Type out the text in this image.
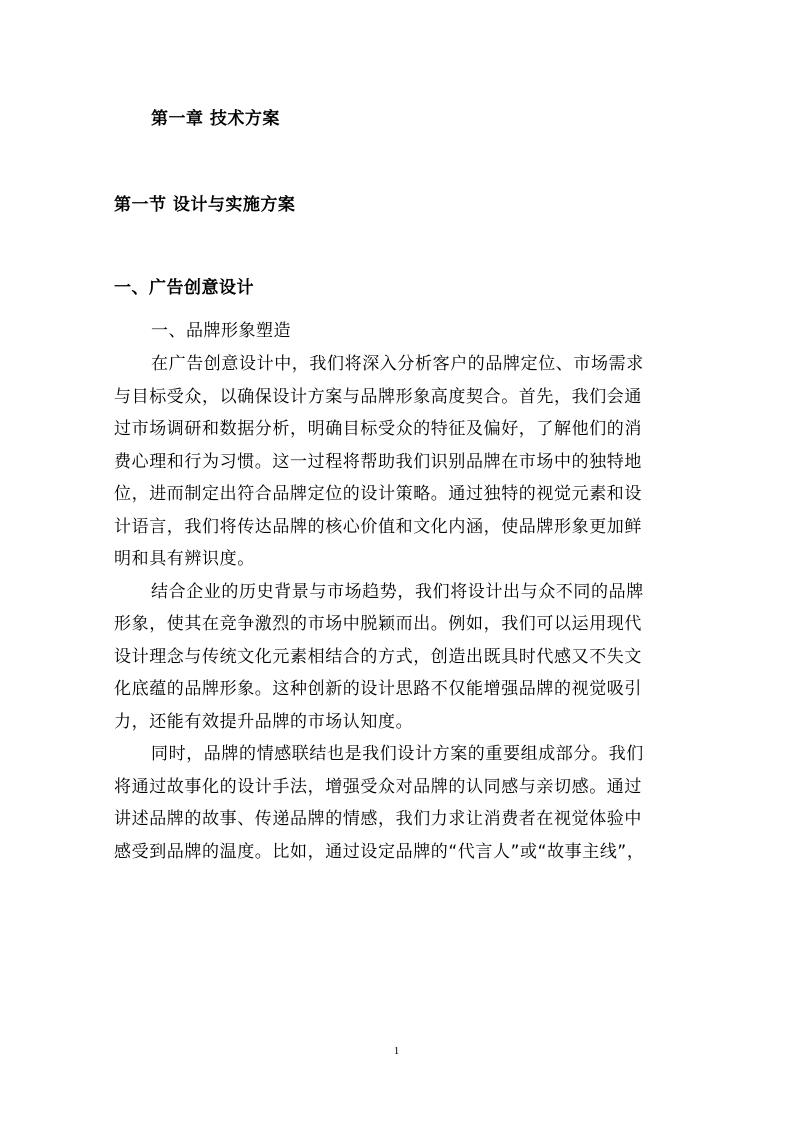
第一章 技术方案
第一节 设计与实施方案
一、广告创意设计
一、品牌形象塑造

在广告创意设计中，我们将深入分析客户的品牌定位、市场需求
与目标受众，以确保设计方案与品牌形象高度契合。首先，我们会通
过市场调研和数据分析，明确目标受众的特征及偏好，了解他们的消
费心理和行为习惯。这一过程将帮助我们识别品牌在市场中的独特地
位，进而制定出符合品牌定位的设计策略。通过独特的视觉元素和设
计语言，我们将传达品牌的核心价值和文化内涵，使品牌形象更加鲜
明和具有辨识度。

结合企业的历史背景与市场趋势，我们将设计出与众不同的品牌
形象，使其在竞争激烈的市场中脱颖而出。例如，我们可以运用现代
设计理念与传统文化元素相结合的方式，创造出既具时代感又不失文
化底蕴的品牌形象。这种创新的设计思路不仅能增强品牌的视觉吸引
力，还能有效提升品牌的市场认知度。

同时，品牌的情感联结也是我们设计方案的重要组成部分。我们
将通过故事化的设计手法，增强受众对品牌的认同感与亲切感。通过
讲述品牌的故事、传递品牌的情感，我们力求让消费者在视觉体验中
感受到品牌的温度。比如，通过设定品牌的“代言人”或“故事主线”，

1
